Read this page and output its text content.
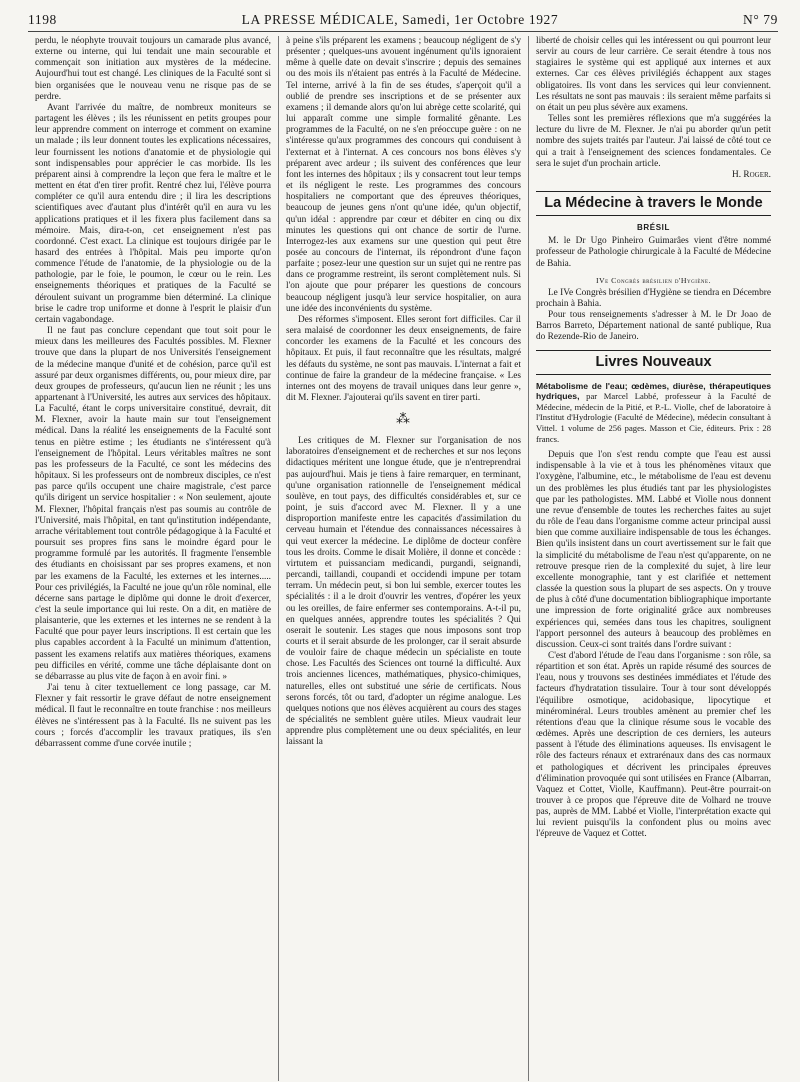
1198	LA PRESSE MÉDICALE, Samedi, 1er Octobre 1927	N° 79

perdu, le néophyte trouvait toujours un camarade plus avancé, externe ou interne, qui lui tendait une main secourable et commençait son initiation aux mystères de la médecine. Aujourd'hui tout est changé. Les cliniques de la Faculté sont si bien organisées que le nouveau venu ne risque pas de se perdre.

Avant l'arrivée du maître, de nombreux moniteurs se partagent les élèves ; ils les réunissent en petits groupes pour leur apprendre comment on interroge et comment on examine un malade ; ils leur donnent toutes les explications nécessaires, leur fournissent les notions d'anatomie et de physiologie qui sont indispensables pour apprécier le cas morbide. Ils les préparent ainsi à comprendre la leçon que fera le maître et le mettent en état d'en tirer profit. Rentré chez lui, l'élève pourra compléter ce qu'il aura entendu dire ; il lira les descriptions scientifiques avec d'autant plus d'intérêt qu'il en aura vu les applications pratiques et il les fixera plus facilement dans sa mémoire. Mais, dira-t-on, cet enseignement n'est pas coordonné. C'est exact. La clinique est toujours dirigée par le hasard des entrées à l'hôpital. Mais peu importe qu'on commence l'étude de l'anatomie, de la physiologie ou de la pathologie, par le foie, le poumon, le cœur ou le rein. Les enseignements théoriques et pratiques de la Faculté se déroulent suivant un programme bien déterminé. La clinique brise le cadre trop uniforme et donne à l'esprit le plaisir d'un certain vagabondage.

Il ne faut pas conclure cependant que tout soit pour le mieux dans les meilleures des Facultés possibles. M. Flexner trouve que dans la plupart de nos Universités l'enseignement de la médecine manque d'unité et de cohésion, parce qu'il est assuré par deux organismes différents, ou, pour mieux dire, par deux groupes de professeurs, qu'aucun lien ne réunit ; les uns appartenant à l'Université, les autres aux services des hôpitaux. La Faculté, étant le corps universitaire constitué, devrait, dit M. Flexner, avoir la haute main sur tout l'enseignement médical. Dans la réalité les enseignements de la Faculté sont tenus en piètre estime ; les étudiants ne s'intéressent qu'à l'enseignement de l'hôpital. Leurs véritables maîtres ne sont pas les professeurs de la Faculté, ce sont les médecins des hôpitaux. Si les professeurs ont de nombreux disciples, ce n'est pas parce qu'ils occupent une chaire magistrale, c'est parce qu'ils dirigent un service hospitalier : « Non seulement, ajoute M. Flexner, l'hôpital français n'est pas soumis au contrôle de l'Université, mais l'hôpital, en tant qu'institution indépendante, arrache véritablement tout contrôle pédagogique à la Faculté et poursuit ses propres fins sans le moindre égard pour le programme formulé par les autorités. Il fragmente l'ensemble des étudiants en choisissant par ses propres examens, et non par les examens de la Faculté, les externes et les internes..... Pour ces privilégiés, la Faculté ne joue qu'un rôle nominal, elle décerne sans partage le diplôme qui donne le droit d'exercer, c'est la seule importance qui lui reste. On a dit, en matière de plaisanterie, que les externes et les internes ne se rendent à la Faculté que pour payer leurs inscriptions. Il est certain que les plus capables accordent à la Faculté un minimum d'attention, passent les examens relatifs aux matières théoriques, examens peu difficiles en vérité, comme une tâche déplaisante dont on se débarrasse au plus vite de façon à en avoir fini. »

J'ai tenu à citer textuellement ce long passage, car M. Flexner y fait ressortir le grave défaut de notre enseignement médical. Il faut le reconnaître en toute franchise : nos meilleurs élèves ne s'intéressent pas à la Faculté. Ils ne suivent pas les cours ; forcés d'accomplir les travaux pratiques, ils s'en débarrassent comme d'une corvée inutile ;

à peine s'ils préparent les examens ; beaucoup négligent de s'y présenter ; quelques-uns avouent ingénument qu'ils ignoraient même à quelle date on devait s'inscrire ; depuis des semaines ou des mois ils n'étaient pas entrés à la Faculté de Médecine. Tel interne, arrivé à la fin de ses études, s'aperçoit qu'il a oublié de prendre ses inscriptions et de se présenter aux examens ; il demande alors qu'on lui abrège cette scolarité, qui lui apparaît comme une simple formalité gênante. Les programmes de la Faculté, on ne s'en préoccupe guère : on ne s'intéresse qu'aux programmes des concours qui conduisent à l'externat et à l'internat. A ces concours nos bons élèves s'y préparent avec ardeur ; ils suivent des conférences que leur font les internes des hôpitaux ; ils y consacrent tout leur temps et ils négligent le reste. Les programmes des concours hospitaliers ne comportant que des épreuves théoriques, beaucoup de jeunes gens n'ont qu'une idée, qu'un objectif, qu'un idéal : apprendre par cœur et débiter en cinq ou dix minutes les questions qui ont chance de sortir de l'urne. Interrogez-les aux examens sur une question qui peut être posée au concours de l'internat, ils répondront d'une façon parfaite ; posez-leur une question sur un sujet qui ne rentre pas dans ce programme restreint, ils seront complètement nuls. Si l'on ajoute que pour préparer les questions de concours beaucoup négligent jusqu'à leur service hospitalier, on aura une idée des inconvénients du système.

Des réformes s'imposent. Elles seront fort difficiles. Car il sera malaisé de coordonner les deux enseignements, de faire concorder les examens de la Faculté et les concours des hôpitaux. Et puis, il faut reconnaître que les résultats, malgré les défauts du système, ne sont pas mauvais. L'internat a fait et continue de faire la grandeur de la médecine française. « Les internes ont des moyens de travail uniques dans leur genre », dit M. Flexner. J'ajouterai qu'ils savent en tirer parti.

⁂

Les critiques de M. Flexner sur l'organisation de nos laboratoires d'enseignement et de recherches et sur nos leçons didactiques méritent une longue étude, que je n'entreprendrai pas aujourd'hui. Mais je tiens à faire remarquer, en terminant, qu'une organisation rationnelle de l'enseignement médical soulève, en tout pays, des difficultés considérables et, sur ce point, je suis d'accord avec M. Flexner. Il y a une disproportion manifeste entre les capacités d'assimilation du cerveau humain et l'étendue des connaissances nécessaires à qui veut exercer la médecine. Le diplôme de docteur confère tous les droits. Comme le disait Molière, il donne et concède : virtutem et puissanciam medicandi, purgandi, seignandi, percandi, taillandi, coupandi et occidendi impune per totam terram. Un médecin peut, si bon lui semble, exercer toutes les spécialités : il a le droit d'ouvrir les ventres, d'opérer les yeux ou les oreilles, de faire enfermer ses contemporains. A-t-il pu, en quelques années, apprendre toutes les spécialités ? Qui oserait le soutenir. Les stages que nous imposons sont trop courts et il serait absurde de les prolonger, car il serait absurde de vouloir faire de chaque médecin un spécialiste en toute chose. Les Facultés des Sciences ont tourné la difficulté. Aux trois anciennes licences, mathématiques, physico-chimiques, naturelles, elles ont substitué une série de certificats. Nous serons forcés, tôt ou tard, d'adopter un régime analogue. Les quelques notions que nos élèves acquièrent au cours des stages de spécialités ne semblent guère utiles. Mieux vaudrait leur apprendre plus complètement une ou deux spécialités, en leur laissant la

liberté de choisir celles qui les intéressent ou qui pourront leur servir au cours de leur carrière. Ce serait étendre à tous nos stagiaires le système qui est appliqué aux internes et aux externes. Car ces élèves privilégiés échappent aux stages obligatoires. Ils vont dans les services qui leur conviennent. Les résultats ne sont pas mauvais : ils seraient même parfaits si on était un peu plus sévère aux examens.

Telles sont les premières réflexions que m'a suggérées la lecture du livre de M. Flexner. Je n'ai pu aborder qu'un petit nombre des sujets traités par l'auteur. J'ai laissé de côté tout ce qui a trait à l'enseignement des sciences fondamentales. Ce sera le sujet d'un prochain article.

H. Roger.

La Médecine à travers le Monde
BRÉSIL

M. le Dr Ugo Pinheiro Guimarâes vient d'être nommé professeur de Pathologie chirurgicale à la Faculté de Médecine de Bahia.

IVe Congrès brésilien d'Hygiène.

Le IVe Congrès brésilien d'Hygiène se tiendra en Décembre prochain à Bahia.

Pour tous renseignements s'adresser à M. le Dr Joao de Barros Barreto, Département national de santé publique, Rua do Rezende-Rio de Janeiro.

Livres Nouveaux

Métabolisme de l'eau; œdèmes, diurèse, thérapeutiques hydriques, par Marcel Labbé, professeur à la Faculté de Médecine, médecin de la Pitié, et P.-L. Violle, chef de laboratoire à l'Institut d'Hydrologie (Faculté de Médecine), médecin consultant à Vittel. 1 volume de 256 pages. Masson et Cie, éditeurs. Prix : 28 francs.

Depuis que l'on s'est rendu compte que l'eau est aussi indispensable à la vie et à tous les phénomènes vitaux que l'oxygène, l'albumine, etc., le métabolisme de l'eau est devenu un des problèmes les plus étudiés tant par les physiologistes que par les pathologistes. MM. Labbé et Violle nous donnent une revue d'ensemble de toutes les recherches faites au sujet du rôle de l'eau dans l'organisme comme acteur principal aussi bien que comme auxiliaire indispensable de tous les échanges. Bien qu'ils insistent dans un court avertissement sur le fait que la simplicité du métabolisme de l'eau n'est qu'apparente, on ne retrouve presque rien de la complexité du sujet, à lire leur excellente monographie, tant y est clarifiée et nettement classée la question sous la plupart de ses aspects. On y trouve de plus à côté d'une documentation bibliographique importante une impression de forte originalité grâce aux nombreuses expériences qui, semées dans tous les chapitres, soulignent l'apport personnel des auteurs à beaucoup des problèmes en discussion. Ceux-ci sont traités dans l'ordre suivant :

C'est d'abord l'étude de l'eau dans l'organisme : son rôle, sa répartition et son état. Après un rapide résumé des sources de l'eau, nous y trouvons ses destinées immédiates et l'étude des facteurs d'hydratation tissulaire. Tour à tour sont développés l'équilibre osmotique, acidobasique, lipocytique et minérominéral. Leurs troubles amènent au premier chef les rétentions d'eau que la clinique résume sous le vocable des œdèmes. Après une description de ces derniers, les auteurs passent à l'étude des éliminations aqueuses. Ils envisagent le rôle des facteurs rénaux et extrarénaux dans des cas normaux et pathologiques et décrivent les principales épreuves d'élimination provoquée qui sont utilisées en France (Albarran, Vaquez et Cottet, Violle, Kauffmann). Peut-être pourrait-on trouver à ce propos que l'épreuve dite de Volhard ne trouve pas, auprès de MM. Labbé et Violle, l'interprétation exacte qui lui revient puisqu'ils la confondent plus ou moins avec l'épreuve de Vaquez et Cottet.
